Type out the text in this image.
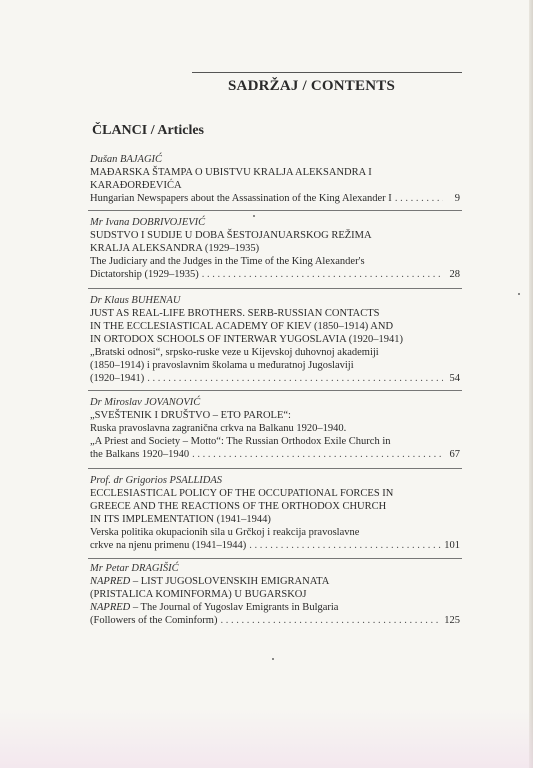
SADRŽAJ / CONTENTS
ČLANCI / Articles
Dušan BAJAGIĆ
MAĐARSKA ŠTAMPA O UBISTVU KRALJA ALEKSANDRA I
KARAĐORĐEVIĆA
Hungarian Newspapers about the Assassination of the King Alexander I . . .	9
Mr Ivana DOBRIVOJEVIĆ
SUDSTVO I SUDIJE U DOBA ŠESTOJANUARSKOG REŽIMA
KRALJA ALEKSANDRA (1929–1935)
The Judiciary and the Judges in the Time of the King Alexander's
Dictatorship (1929–1935) . . .	28
Dr Klaus BUHENAU
JUST AS REAL-LIFE BROTHERS. SERB-RUSSIAN CONTACTS
IN THE ECCLESIASTICAL ACADEMY OF KIEV (1850–1914) AND
IN ORTODOX SCHOOLS OF INTERWAR YUGOSLAVIA (1920–1941)
„Bratski odnosi“, srpsko-ruske veze u Kijevskoj duhovnoj akademiji
(1850–1914) i pravoslavnim školama u međuratnoj Jugoslaviji
(1920–1941) . . .	54
Dr Miroslav JOVANOVIĆ
„SVEŠTENIK I DRUŠTVO – ETO PAROLE“:
Ruska pravoslavna zagranična crkva na Balkanu 1920–1940.
„A Priest and Society – Motto“: The Russian Orthodox Exile Church in
the Balkans 1920–1940 . . .	67
Prof. dr Grigorios PSALLIDAS
ECCLESIASTICAL POLICY OF THE OCCUPATIONAL FORCES IN
GREECE AND THE REACTIONS OF THE ORTHODOX CHURCH
IN ITS IMPLEMENTATION (1941–1944)
Verska politika okupacionih sila u Grčkoj i reakcija pravoslavne
crkve na njenu primenu (1941–1944) . . .	101
Mr Petar DRAGIŠIĆ
NAPRED – LIST JUGOSLOVENSKIH EMIGRANATA
(PRISTALICA KOMINFORMA) U BUGARSKOJ
NAPRED – The Journal of Yugoslav Emigrants in Bulgaria
(Followers of the Cominform) . . .	125
